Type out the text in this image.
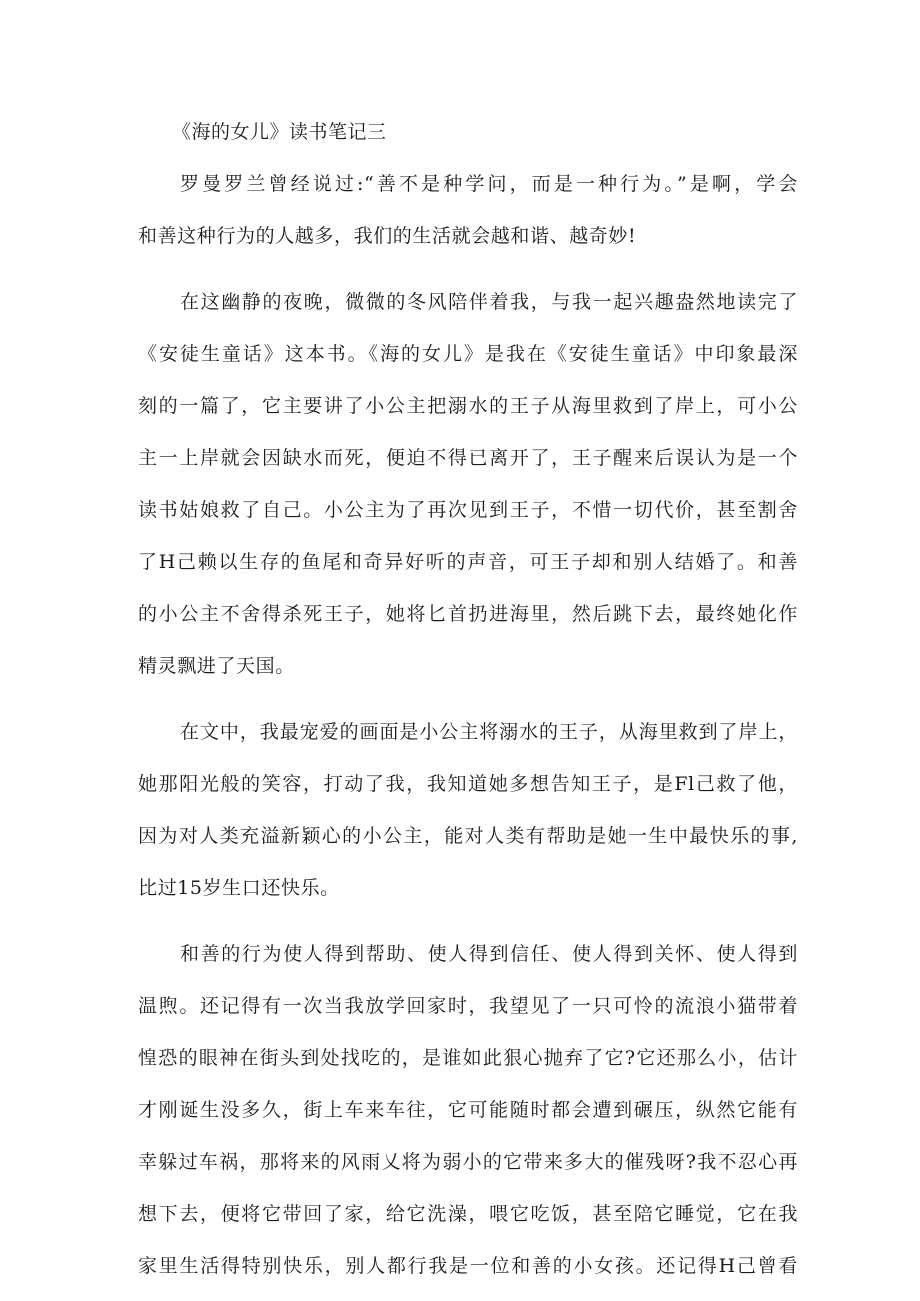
《海的女儿》读书笔记三

罗曼罗兰曾经说过:“善不是种学问，而是一种行为。”是啊，学会
和善这种行为的人越多，我们的生活就会越和谐、越奇妙!

在这幽静的夜晚，微微的冬风陪伴着我，与我一起兴趣盎然地读完了
《安徒生童话》这本书。《海的女儿》是我在《安徒生童话》中印象最深
刻的一篇了，它主要讲了小公主把溺水的王子从海里救到了岸上，可小公
主一上岸就会因缺水而死，便迫不得已离开了，王子醒来后误认为是一个
读书姑娘救了自己。小公主为了再次见到王子，不惜一切代价，甚至割舍
了H己赖以生存的鱼尾和奇异好听的声音，可王子却和别人结婚了。和善
的小公主不舍得杀死王子，她将匕首扔进海里，然后跳下去，最终她化作
精灵飘进了天国。

在文中，我最宠爱的画面是小公主将溺水的王子，从海里救到了岸上，
她那阳光般的笑容，打动了我，我知道她多想告知王子，是Fl己救了他，
因为对人类充溢新颖心的小公主，能对人类有帮助是她一生中最快乐的事,
比过15岁生口还快乐。

和善的行为使人得到帮助、使人得到信任、使人得到关怀、使人得到
温煦。还记得有一次当我放学回家时，我望见了一只可怜的流浪小猫带着
惶恐的眼神在街头到处找吃的，是谁如此狠心抛弃了它?它还那么小，估计
才刚诞生没多久，街上车来车往，它可能随时都会遭到碾压，纵然它能有
幸躲过车祸，那将来的风雨乂将为弱小的它带来多大的催残呀?我不忍心再
想下去，便将它带回了家，给它洗澡，喂它吃饭，甚至陪它睡觉，它在我
家里生活得特别快乐，别人都行我是一位和善的小女孩。还记得H己曾看
